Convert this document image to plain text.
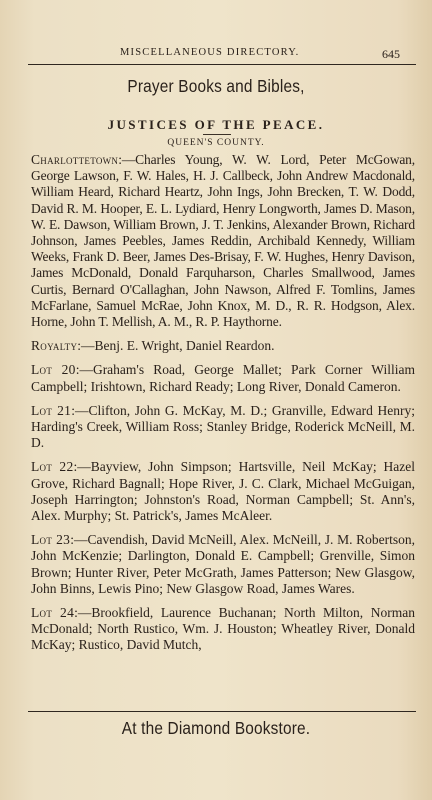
MISCELLANEOUS DIRECTORY.	645
Prayer Books and Bibles,
JUSTICES OF THE PEACE.
QUEEN'S COUNTY.

Charlottetown:—Charles Young, W. W. Lord, Peter McGowan, George Lawson, F. W. Hales, H. J. Callbeck, John Andrew Macdonald, William Heard, Richard Heartz, John Ings, John Brecken, T. W. Dodd, David R. M. Hooper, E. L. Lydiard, Henry Longworth, James D. Mason, W. E. Dawson, William Brown, J. T. Jenkins, Alexander Brown, Richard Johnson, James Peebles, James Reddin, Archibald Kennedy, William Weeks, Frank D. Beer, James Des-Brisay, F. W. Hughes, Henry Davison, James McDonald, Donald Farquharson, Charles Smallwood, James Curtis, Bernard O'Callaghan, John Nawson, Alfred F. Tomlins, James McFarlane, Samuel McRae, John Knox, M. D., R. R. Hodgson, Alex. Horne, John T. Mellish, A. M., R. P. Haythorne.

Royalty:—Benj. E. Wright, Daniel Reardon.

Lot 20:—Graham's Road, George Mallet; Park Corner William Campbell; Irishtown, Richard Ready; Long River, Donald Cameron.

Lot 21:—Clifton, John G. McKay, M. D.; Granville, Edward Henry; Harding's Creek, William Ross; Stanley Bridge, Roderick McNeill, M. D.

Lot 22:—Bayview, John Simpson; Hartsville, Neil McKay; Hazel Grove, Richard Bagnall; Hope River, J. C. Clark, Michael McGuigan, Joseph Harrington; Johnston's Road, Norman Campbell; St. Ann's, Alex. Murphy; St. Patrick's, James McAleer.

Lot 23:—Cavendish, David McNeill, Alex. McNeill, J. M. Robertson, John McKenzie; Darlington, Donald E. Campbell; Grenville, Simon Brown; Hunter River, Peter McGrath, James Patterson; New Glasgow, John Binns, Lewis Pino; New Glasgow Road, James Wares.

Lot 24:—Brookfield, Laurence Buchanan; North Milton, Norman McDonald; North Rustico, Wm. J. Houston; Wheatley River, Donald McKay; Rustico, David Mutch,

At the Diamond Bookstore.
